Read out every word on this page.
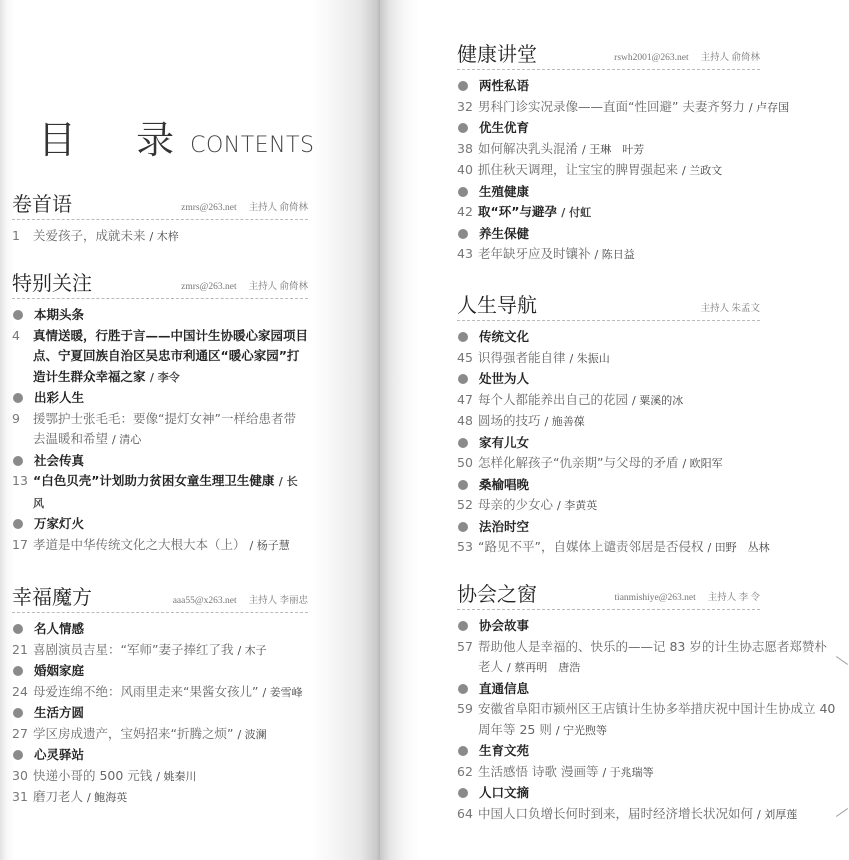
目 录
CONTENTS
卷首语	zmrs@263.net 主持人 俞倚林
1	关爱孩子，成就未来 / 木梓
特别关注	zmrs@263.net 主持人 俞倚林
本期头条
4	真情送暖，行胜于言——中国计生协暖心家园项目点、宁夏回族自治区吴忠市利通区“暖心家园”打造计生群众幸福之家 / 李令
出彩人生
9	援鄂护士张毛毛：要像“提灯女神”一样给患者带去温暖和希望 / 清心
社会传真
13 “白色贝壳”计划助力贫困女童生理卫生健康 / 长风
万家灯火
17 孝道是中华传统文化之大根大本（上） / 杨子慧
幸福魔方	aaa55@x263.net 主持人 李丽忠
名人情感
21 喜剧演员吉星：“军师”妻子捧红了我 / 木子
婚姻家庭
24 母爱连绵不绝：风雨里走来“果酱女孩儿” / 姜雪峰
生活方圆
27 学区房成遗产，宝妈招来“折腾之烦” / 波澜
心灵驿站
30 快递小哥的 500 元钱 / 姚秦川
31 磨刀老人 / 鲍海英
健康讲堂	rswh2001@263.net 主持人 俞倚林
两性私语
32 男科门诊实况录像——直面“性回避” 夫妻齐努力 / 卢存国
优生优育
38 如何解决乳头混淆 / 王琳　叶芳
40 抓住秋天调理，让宝宝的脾胃强起来 / 兰政文
生殖健康
42 取“环”与避孕 / 付虹
养生保健
43 老年缺牙应及时镶补 / 陈日益
人生导航	主持人 朱孟文
传统文化
45 识得强者能自律 / 朱振山
处世为人
47 每个人都能养出自己的花园 / 粟溪的冰
48 圆场的技巧 / 施善葆
家有儿女
50 怎样化解孩子“仇亲期”与父母的矛盾 / 欧阳军
桑榆唱晚
52 母亲的少女心 / 李黄英
法治时空
53 “路见不平”，自媒体上谴责邻居是否侵权 / 田野　丛林
协会之窗	tianmishiye@263.net 主持人 李 令
协会故事
57 帮助他人是幸福的、快乐的——记 83 岁的计生协志愿者郑赞朴老人 / 蔡再明　唐浩
直通信息
59 安徽省阜阳市颍州区王店镇计生协多举措庆祝中国计生协成立 40 周年等 25 则 / 宁光煦等
生育文苑
62 生活感悟 诗歌 漫画等 / 于兆瑞等
人口文摘
64 中国人口负增长何时到来，届时经济增长状况如何 / 刘厚莲
